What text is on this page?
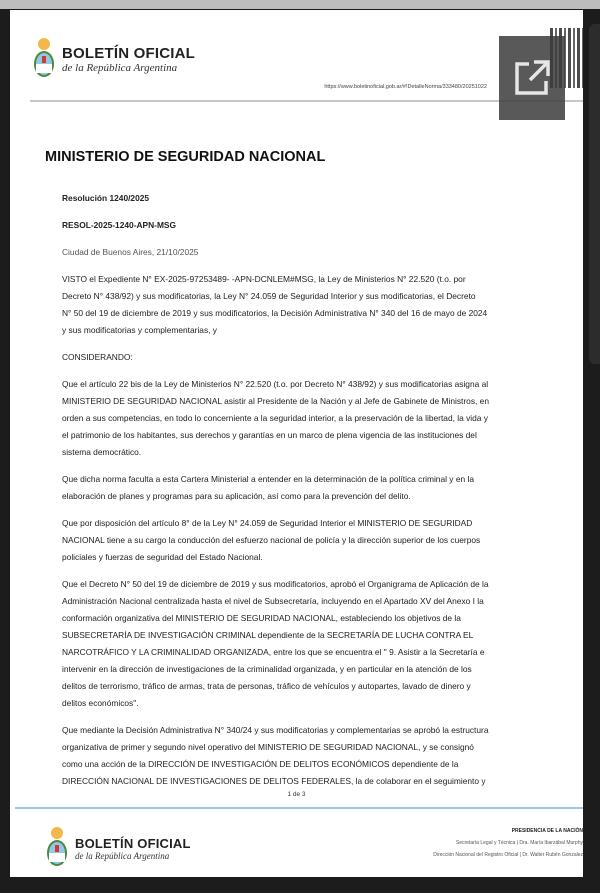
BOLETÍN OFICIAL
de la República Argentina
https://www.boletinoficial.gob.ar/#!DetalleNorma/333480/20251022
MINISTERIO DE SEGURIDAD NACIONAL
Resolución 1240/2025
RESOL-2025-1240-APN-MSG
Ciudad de Buenos Aires, 21/10/2025
VISTO el Expediente N° EX-2025-97253489- -APN-DCNLEM#MSG, la Ley de Ministerios N° 22.520 (t.o. por
Decreto N° 438/92) y sus modificatorias, la Ley N° 24.059 de Seguridad Interior y sus modificatorias, el Decreto
N° 50 del 19 de diciembre de 2019 y sus modificatorios, la Decisión Administrativa N° 340 del 16 de mayo de 2024
y sus modificatorias y complementarias, y
CONSIDERANDO:
Que el artículo 22 bis de la Ley de Ministerios N° 22.520 (t.o. por Decreto N° 438/92) y sus modificatorias asigna al
MINISTERIO DE SEGURIDAD NACIONAL asistir al Presidente de la Nación y al Jefe de Gabinete de Ministros, en
orden a sus competencias, en todo lo concerniente a la seguridad interior, a la preservación de la libertad, la vida y
el patrimonio de los habitantes, sus derechos y garantías en un marco de plena vigencia de las instituciones del
sistema democrático.
Que dicha norma faculta a esta Cartera Ministerial a entender en la determinación de la política criminal y en la
elaboración de planes y programas para su aplicación, así como para la prevención del delito.
Que por disposición del artículo 8° de la Ley N° 24.059 de Seguridad Interior el MINISTERIO DE SEGURIDAD
NACIONAL tiene a su cargo la conducción del esfuerzo nacional de policía y la dirección superior de los cuerpos
policiales y fuerzas de seguridad del Estado Nacional.
Que el Decreto N° 50 del 19 de diciembre de 2019 y sus modificatorios, aprobó el Organigrama de Aplicación de la
Administración Nacional centralizada hasta el nivel de Subsecretaría, incluyendo en el Apartado XV del Anexo I la
conformación organizativa del MINISTERIO DE SEGURIDAD NACIONAL, estableciendo los objetivos de la
SUBSECRETARÍA DE INVESTIGACIÓN CRIMINAL dependiente de la SECRETARÍA DE LUCHA CONTRA EL
NARCOTRÁFICO Y LA CRIMINALIDAD ORGANIZADA, entre los que se encuentra el " 9. Asistir a la Secretaría e
intervenir en la dirección de investigaciones de la criminalidad organizada, y en particular en la atención de los
delitos de terrorismo, tráfico de armas, trata de personas, tráfico de vehículos y autopartes, lavado de dinero y
delitos económicos".
Que mediante la Decisión Administrativa N° 340/24 y sus modificatorias y complementarias se aprobó la estructura
organizativa de primer y segundo nivel operativo del MINISTERIO DE SEGURIDAD NACIONAL, y se consignó
como una acción de la DIRECCIÓN DE INVESTIGACIÓN DE DELITOS ECONÓMICOS dependiente de la
DIRECCIÓN NACIONAL DE INVESTIGACIONES DE DELITOS FEDERALES, la de colaborar en el seguimiento y
1 de 3
BOLETÍN OFICIAL
de la República Argentina
PRESIDENCIA DE LA NACIÓN
Secretaría Legal y Técnica | Dra. María Ibarzábal Murphy
Dirección Nacional del Registro Oficial | Dr. Walter Rubén Gonzalez
